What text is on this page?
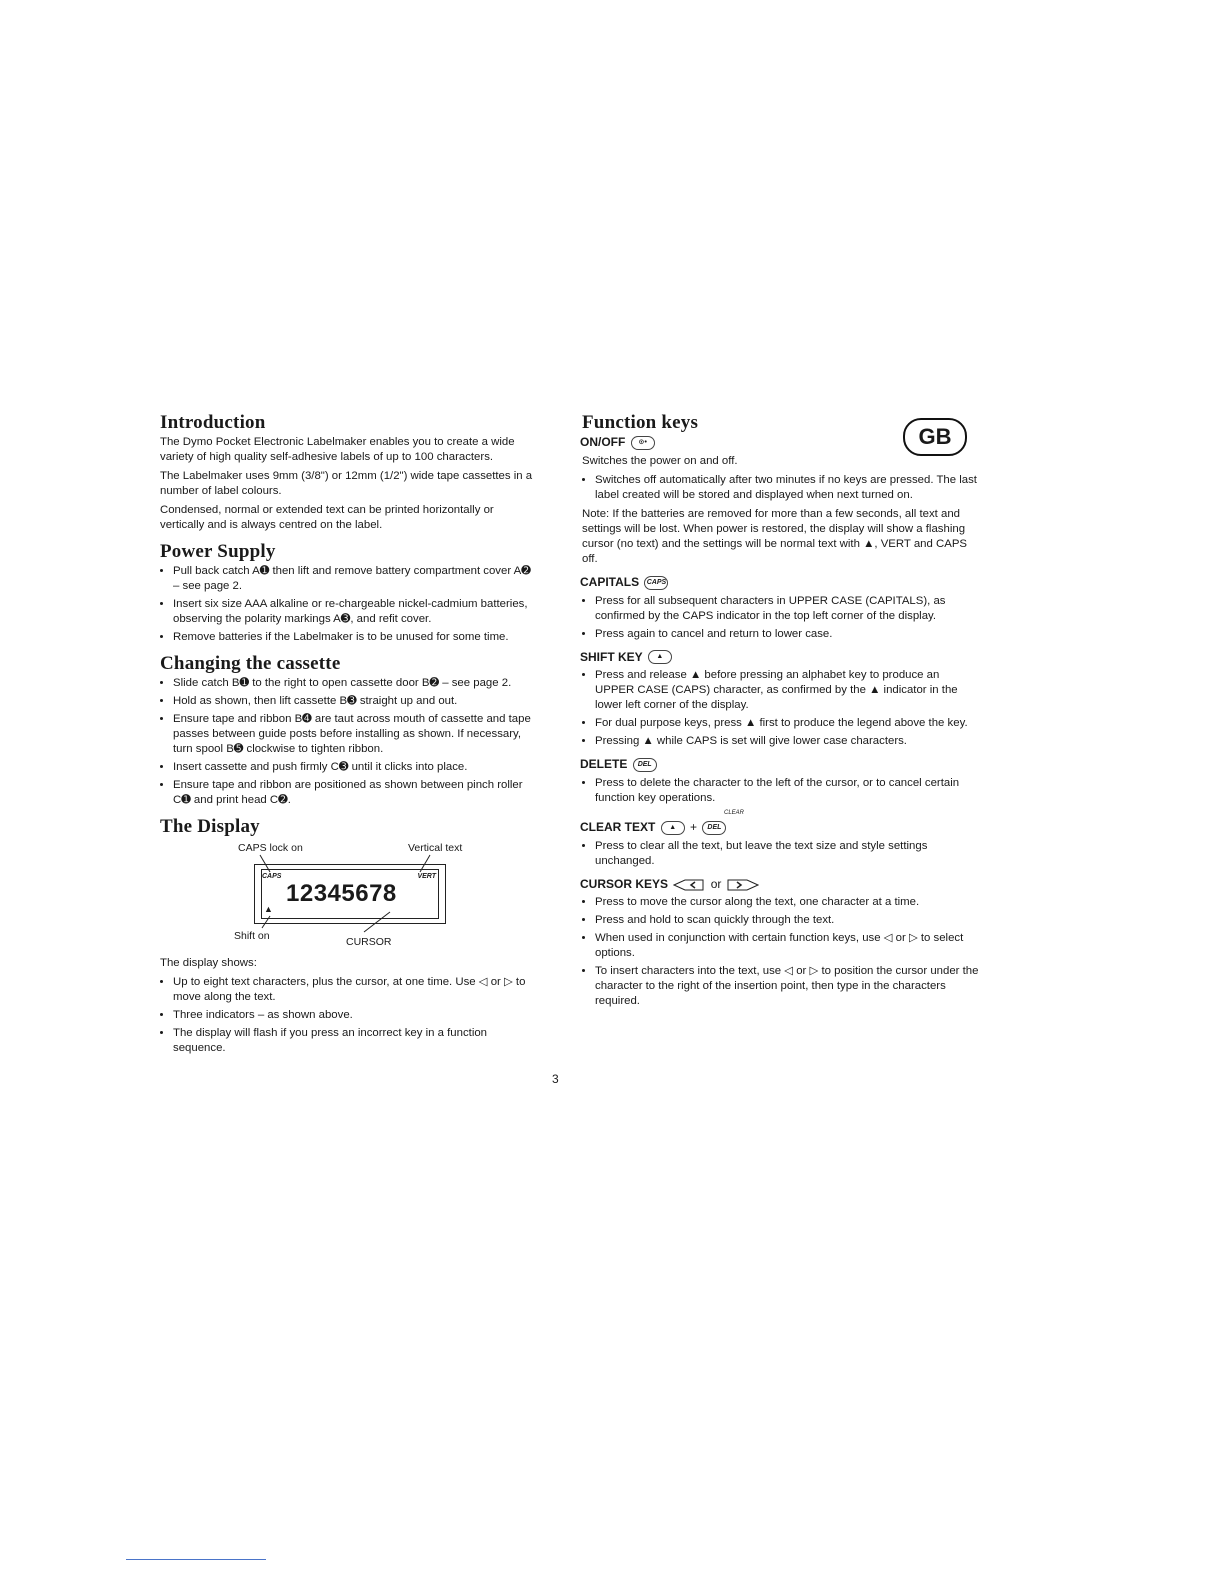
Introduction

The Dymo Pocket Electronic Labelmaker enables you to create a wide variety of high quality self-adhesive labels of up to 100 characters.

The Labelmaker uses 9mm (3/8") or 12mm (1/2") wide tape cassettes in a number of label colours.

Condensed, normal or extended text can be printed horizontally or vertically and is always centred on the label.

Power Supply
• Pull back catch A➊ then lift and remove battery compartment cover A➋ – see page 2.
• Insert six size AAA alkaline or re-chargeable nickel-cadmium batteries, observing the polarity markings A➌, and refit cover.
• Remove batteries if the Labelmaker is to be unused for some time.
Changing the cassette
• Slide catch B➊ to the right to open cassette door B➋ – see page 2.
• Hold as shown, then lift cassette B➌ straight up and out.
• Ensure tape and ribbon B➍ are taut across mouth of cassette and tape passes between guide posts before installing as shown. If necessary, turn spool B➎ clockwise to tighten ribbon.
• Insert cassette and push firmly C➌ until it clicks into place.
• Ensure tape and ribbon are positioned as shown between pinch roller C➊ and print head C➋.
The Display
CAPS lock on	Vertical text
CAPS	VERT
▲
12345678
Shift on	CURSOR

The display shows:

• Up to eight text characters, plus the cursor, at one time. Use ◁ or ▷ to move along the text.
• Three indicators – as shown above.
• The display will flash if you press an incorrect key in a function sequence.
GB
Function keys
ON/OFF ⊙•

Switches the power on and off.

• Switches off automatically after two minutes if no keys are pressed. The last label created will be stored and displayed when next turned on.

Note: If the batteries are removed for more than a few seconds, all text and settings will be lost. When power is restored, the display will show a flashing cursor (no text) and the settings will be normal text with ▲, VERT and CAPS off.

CAPITALS CAPS
• Press for all subsequent characters in UPPER CASE (CAPITALS), as confirmed by the CAPS indicator in the top left corner of the display.
• Press again to cancel and return to lower case.
SHIFT KEY ▲
• Press and release ▲ before pressing an alphabet key to produce an UPPER CASE (CAPS) character, as confirmed by the ▲ indicator in the lower left corner of the display.
• For dual purpose keys, press ▲ first to produce the legend above the key.
• Pressing ▲ while CAPS is set will give lower case characters.
DELETE DEL
• Press to delete the character to the left of the cursor, or to cancel certain function key operations.
CLEAR
CLEAR TEXT ▲ + DEL
• Press to clear all the text, but leave the text size and style settings unchanged.
CURSOR KEYS	or
• Press to move the cursor along the text, one character at a time.
• Press and hold to scan quickly through the text.
• When used in conjunction with certain function keys, use ◁ or ▷ to select options.
• To insert characters into the text, use ◁ or ▷ to position the cursor under the character to the right of the insertion point, then type in the characters required.
3
